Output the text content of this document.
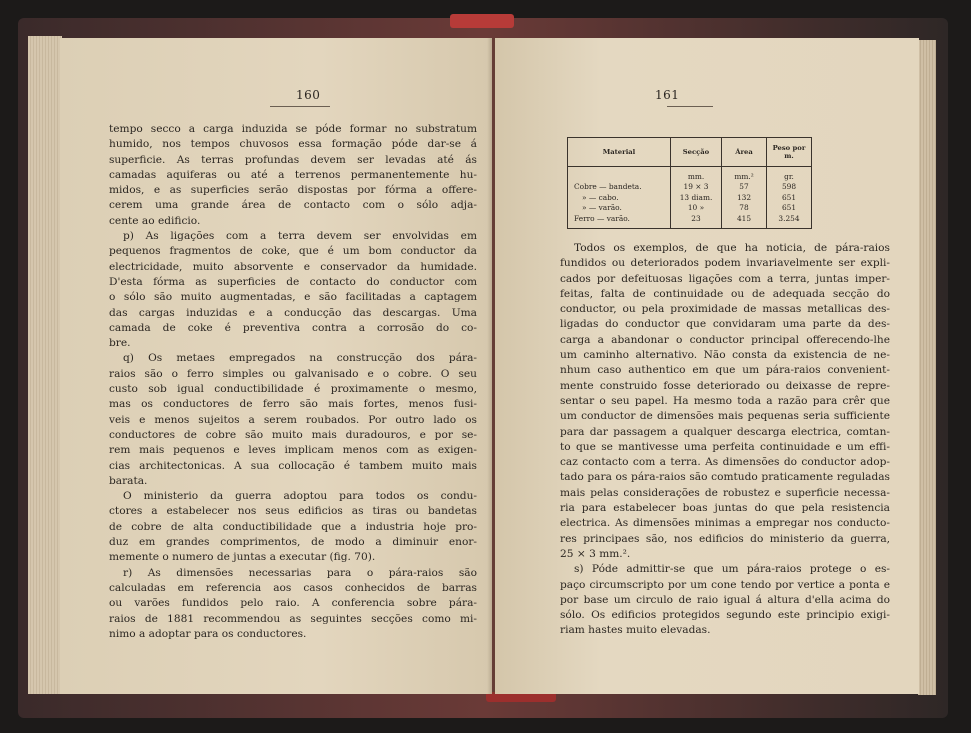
160
tempo secco a carga induzida se póde formar no substratum
humido, nos tempos chuvosos essa formação póde dar-se á
superficie. As terras profundas devem ser levadas até ás
camadas aquiferas ou até a terrenos permanentemente hu-
midos, e as superficies serão dispostas por fórma a offere-
cerem uma grande área de contacto com o sólo adja-
cente ao edificio.
p) As ligações com a terra devem ser envolvidas em
pequenos fragmentos de coke, que é um bom conductor da
electricidade, muito absorvente e conservador da humidade.
D'esta fórma as superficies de contacto do conductor com
o sólo são muito augmentadas, e são facilitadas a captagem
das cargas induzidas e a conducção das descargas. Uma
camada de coke é preventiva contra a corrosão do co-
bre.
q) Os metaes empregados na construcção dos pára-
raios são o ferro simples ou galvanisado e o cobre. O seu
custo sob igual conductibilidade é proximamente o mesmo,
mas os conductores de ferro são mais fortes, menos fusi-
veis e menos sujeitos a serem roubados. Por outro lado os
conductores de cobre são muito mais duradouros, e por se-
rem mais pequenos e leves implicam menos com as exigen-
cias architectonicas. A sua collocação é tambem muito mais
barata.
O ministerio da guerra adoptou para todos os condu-
ctores a estabelecer nos seus edificios as tiras ou bandetas
de cobre de alta conductibilidade que a industria hoje pro-
duz em grandes comprimentos, de modo a diminuir enor-
memente o numero de juntas a executar (fig. 70).
r) As dimensões necessarias para o pára-raios são
calculadas em referencia aos casos conhecidos de barras
ou varões fundidos pelo raio. A conferencia sobre pára-
raios de 1881 recommendou as seguintes secções como mi-
nimo a adoptar para os conductores.
161
Material	Secção	Área	Peso por m.
	mm.	mm.²	gr.
Cobre — bandeta.	19 × 3	57	598
» — cabo.	13 diam.	132	651
» — varão.	10 »	78	651
Ferro — varão.	23	415	3.254
Todos os exemplos, de que ha noticia, de pára-raios
fundidos ou deteriorados podem invariavelmente ser expli-
cados por defeituosas ligações com a terra, juntas imper-
feitas, falta de continuidade ou de adequada secção do
conductor, ou pela proximidade de massas metallicas des-
ligadas do conductor que convidaram uma parte da des-
carga a abandonar o conductor principal offerecendo-lhe
um caminho alternativo. Não consta da existencia de ne-
nhum caso authentico em que um pára-raios convenient-
mente construido fosse deteriorado ou deixasse de repre-
sentar o seu papel. Ha mesmo toda a razão para crêr que
um conductor de dimensões mais pequenas seria sufficiente
para dar passagem a qualquer descarga electrica, comtan-
to que se mantivesse uma perfeita continuidade e um effi-
caz contacto com a terra. As dimensões do conductor adop-
tado para os pára-raios são comtudo praticamente reguladas
mais pelas considerações de robustez e superficie necessa-
ria para estabelecer boas juntas do que pela resistencia
electrica. As dimensões minimas a empregar nos conducto-
res principaes são, nos edificios do ministerio da guerra,
25 × 3 mm.².
s) Póde admittir-se que um pára-raios protege o es-
paço circumscripto por um cone tendo por vertice a ponta e
por base um circulo de raio igual á altura d'ella acima do
sólo. Os edificios protegidos segundo este principio exigi-
riam hastes muito elevadas.
